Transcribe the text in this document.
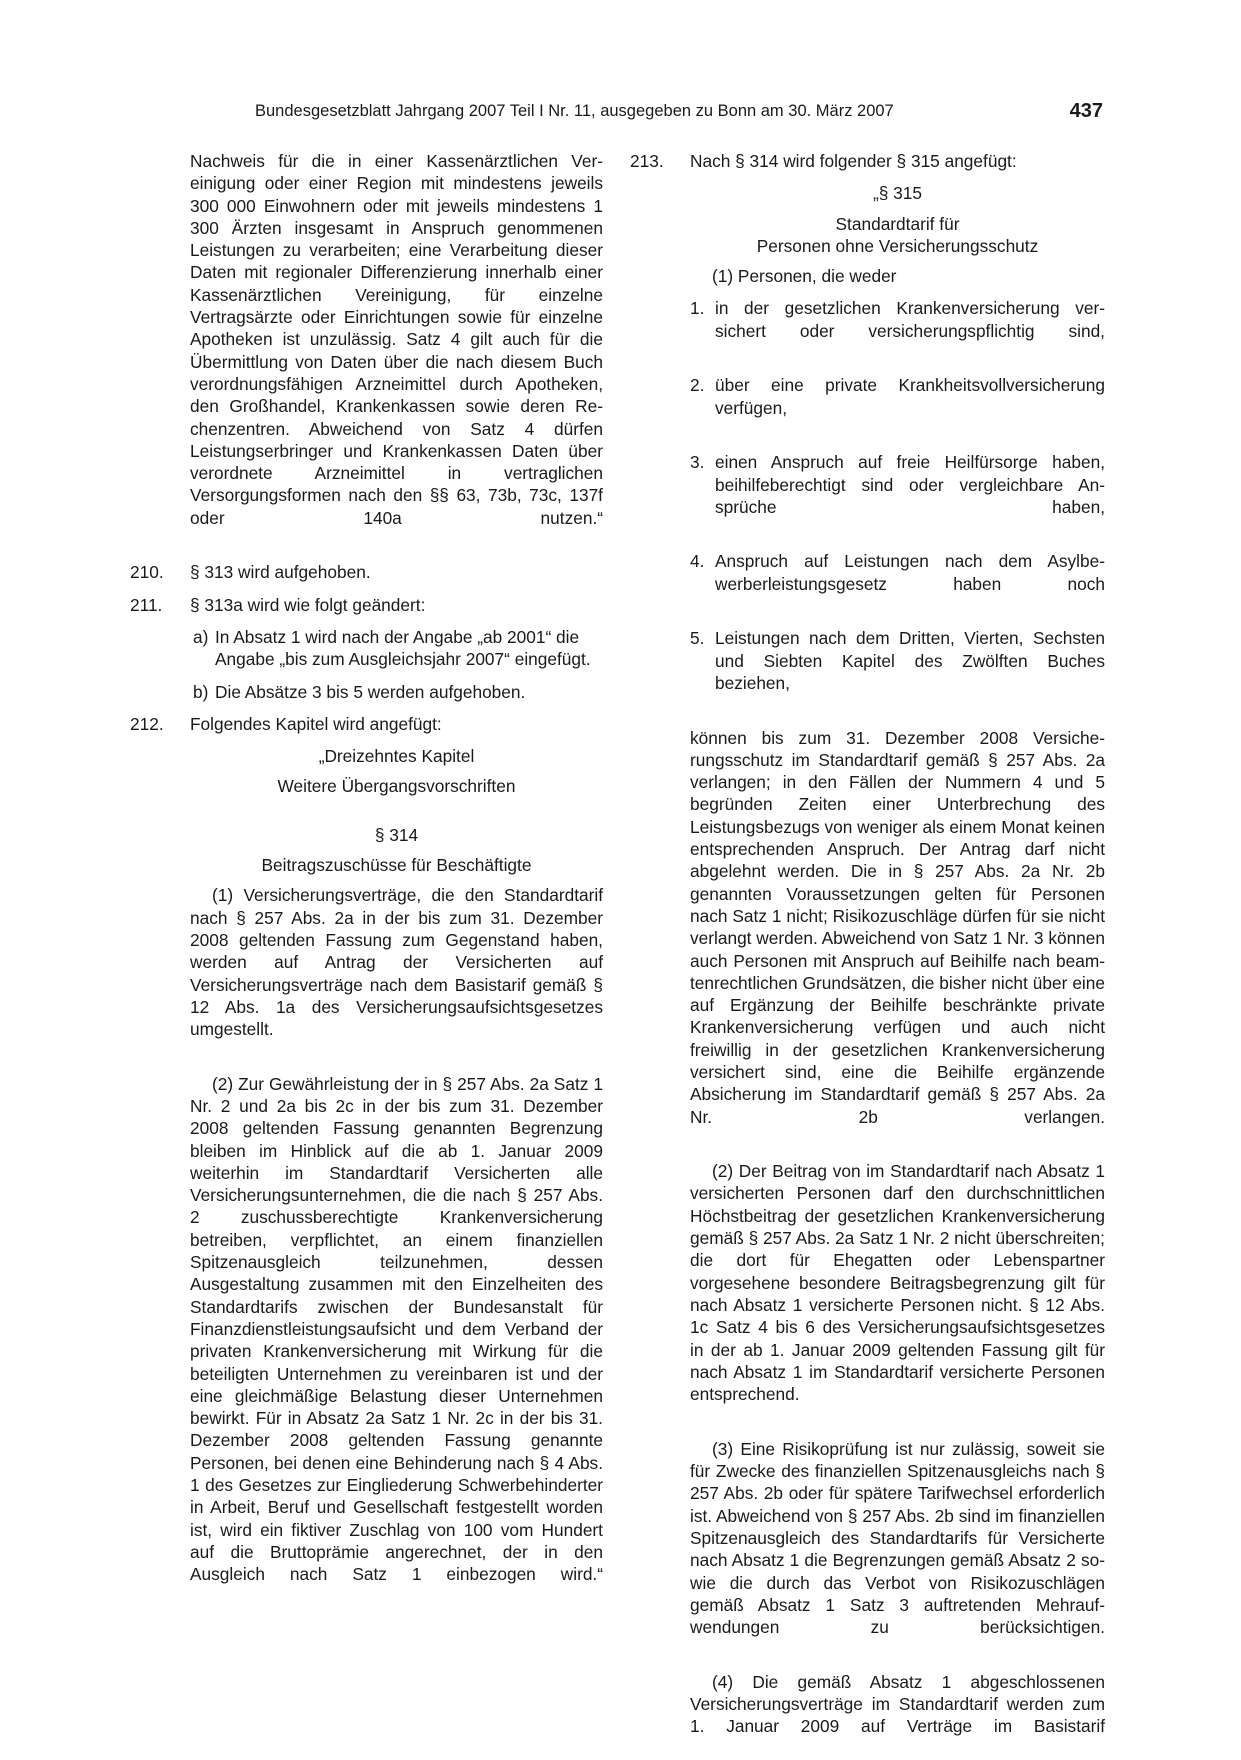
Bundesgesetzblatt Jahrgang 2007 Teil I Nr. 11, ausgegeben zu Bonn am 30. März 2007	437

Nachweis für die in einer Kassenärztlichen Vereinigung oder einer Region mit mindestens jeweils 300 000 Einwohnern oder mit jeweils mindestens 1 300 Ärzten insgesamt in Anspruch genommenen Leistungen zu verarbeiten; eine Verarbeitung dieser Daten mit regionaler Differenzierung innerhalb einer Kassenärztlichen Vereinigung, für einzelne Vertragsärzte oder Einrichtungen sowie für einzelne Apotheken ist unzulässig. Satz 4 gilt auch für die Übermittlung von Daten über die nach diesem Buch verordnungsfähigen Arzneimittel durch Apotheken, den Großhandel, Krankenkassen sowie deren Rechenzentren. Abweichend von Satz 4 dürfen Leistungserbringer und Krankenkassen Daten über verordnete Arzneimittel in vertraglichen Versorgungsformen nach den §§ 63, 73b, 73c, 137f oder 140a nutzen.“

210. § 313 wird aufgehoben.

211. § 313a wird wie folgt geändert:

a) In Absatz 1 wird nach der Angabe „ab 2001“ die Angabe „bis zum Ausgleichsjahr 2007“ eingefügt.

b) Die Absätze 3 bis 5 werden aufgehoben.

212. Folgendes Kapitel wird angefügt:

„Dreizehntes Kapitel

Weitere Übergangsvorschriften

§ 314

Beitragszuschüsse für Beschäftigte

(1) Versicherungsverträge, die den Standardtarif nach § 257 Abs. 2a in der bis zum 31. Dezember 2008 geltenden Fassung zum Gegenstand haben, werden auf Antrag der Versicherten auf Versicherungsverträge nach dem Basistarif gemäß § 12 Abs. 1a des Versicherungsaufsichtsgesetzes umgestellt.

(2) Zur Gewährleistung der in § 257 Abs. 2a Satz 1 Nr. 2 und 2a bis 2c in der bis zum 31. Dezember 2008 geltenden Fassung genannten Begrenzung bleiben im Hinblick auf die ab 1. Januar 2009 weiterhin im Standardtarif Versicherten alle Versicherungsunternehmen, die die nach § 257 Abs. 2 zuschussberechtigte Krankenversicherung betreiben, verpflichtet, an einem finanziellen Spitzenausgleich teilzunehmen, dessen Ausgestaltung zusammen mit den Einzelheiten des Standardtarifs zwischen der Bundesanstalt für Finanzdienstleistungsaufsicht und dem Verband der privaten Krankenversicherung mit Wirkung für die beteiligten Unternehmen zu vereinbaren ist und der eine gleichmäßige Belastung dieser Unternehmen bewirkt. Für in Absatz 2a Satz 1 Nr. 2c in der bis 31. Dezember 2008 geltenden Fassung genannte Personen, bei denen eine Behinderung nach § 4 Abs. 1 des Gesetzes zur Eingliederung Schwerbehinderter in Arbeit, Beruf und Gesellschaft festgestellt worden ist, wird ein fiktiver Zuschlag von 100 vom Hundert auf die Bruttoprämie angerechnet, der in den Ausgleich nach Satz 1 einbezogen wird.“

213. Nach § 314 wird folgender § 315 angefügt:

„§ 315

Standardtarif für

Personen ohne Versicherungsschutz

(1) Personen, die weder

1. in der gesetzlichen Krankenversicherung versichert oder versicherungspflichtig sind,

2. über eine private Krankheitsvollversicherung verfügen,

3. einen Anspruch auf freie Heilfürsorge haben, beihilfeberechtigt sind oder vergleichbare Ansprüche haben,

4. Anspruch auf Leistungen nach dem Asylbewerberleistungsgesetz haben noch

5. Leistungen nach dem Dritten, Vierten, Sechsten und Siebten Kapitel des Zwölften Buches beziehen,

können bis zum 31. Dezember 2008 Versicherungsschutz im Standardtarif gemäß § 257 Abs. 2a verlangen; in den Fällen der Nummern 4 und 5 begründen Zeiten einer Unterbrechung des Leistungsbezugs von weniger als einem Monat keinen entsprechenden Anspruch. Der Antrag darf nicht abgelehnt werden. Die in § 257 Abs. 2a Nr. 2b genannten Voraussetzungen gelten für Personen nach Satz 1 nicht; Risikozuschläge dürfen für sie nicht verlangt werden. Abweichend von Satz 1 Nr. 3 können auch Personen mit Anspruch auf Beihilfe nach beamtenrechtlichen Grundsätzen, die bisher nicht über eine auf Ergänzung der Beihilfe beschränkte private Krankenversicherung verfügen und auch nicht freiwillig in der gesetzlichen Krankenversicherung versichert sind, eine die Beihilfe ergänzende Absicherung im Standardtarif gemäß § 257 Abs. 2a Nr. 2b verlangen.

(2) Der Beitrag von im Standardtarif nach Absatz 1 versicherten Personen darf den durchschnittlichen Höchstbeitrag der gesetzlichen Krankenversicherung gemäß § 257 Abs. 2a Satz 1 Nr. 2 nicht überschreiten; die dort für Ehegatten oder Lebenspartner vorgesehene besondere Beitragsbegrenzung gilt für nach Absatz 1 versicherte Personen nicht. § 12 Abs. 1c Satz 4 bis 6 des Versicherungsaufsichtsgesetzes in der ab 1. Januar 2009 geltenden Fassung gilt für nach Absatz 1 im Standardtarif versicherte Personen entsprechend.

(3) Eine Risikoprüfung ist nur zulässig, soweit sie für Zwecke des finanziellen Spitzenausgleichs nach § 257 Abs. 2b oder für spätere Tarifwechsel erforderlich ist. Abweichend von § 257 Abs. 2b sind im finanziellen Spitzenausgleich des Standardtarifs für Versicherte nach Absatz 1 die Begrenzungen gemäß Absatz 2 sowie die durch das Verbot von Risikozuschlägen gemäß Absatz 1 Satz 3 auftretenden Mehraufwendungen zu berücksichtigen.

(4) Die gemäß Absatz 1 abgeschlossenen Versicherungsverträge im Standardtarif werden zum 1. Januar 2009 auf Verträge im Basistarif
